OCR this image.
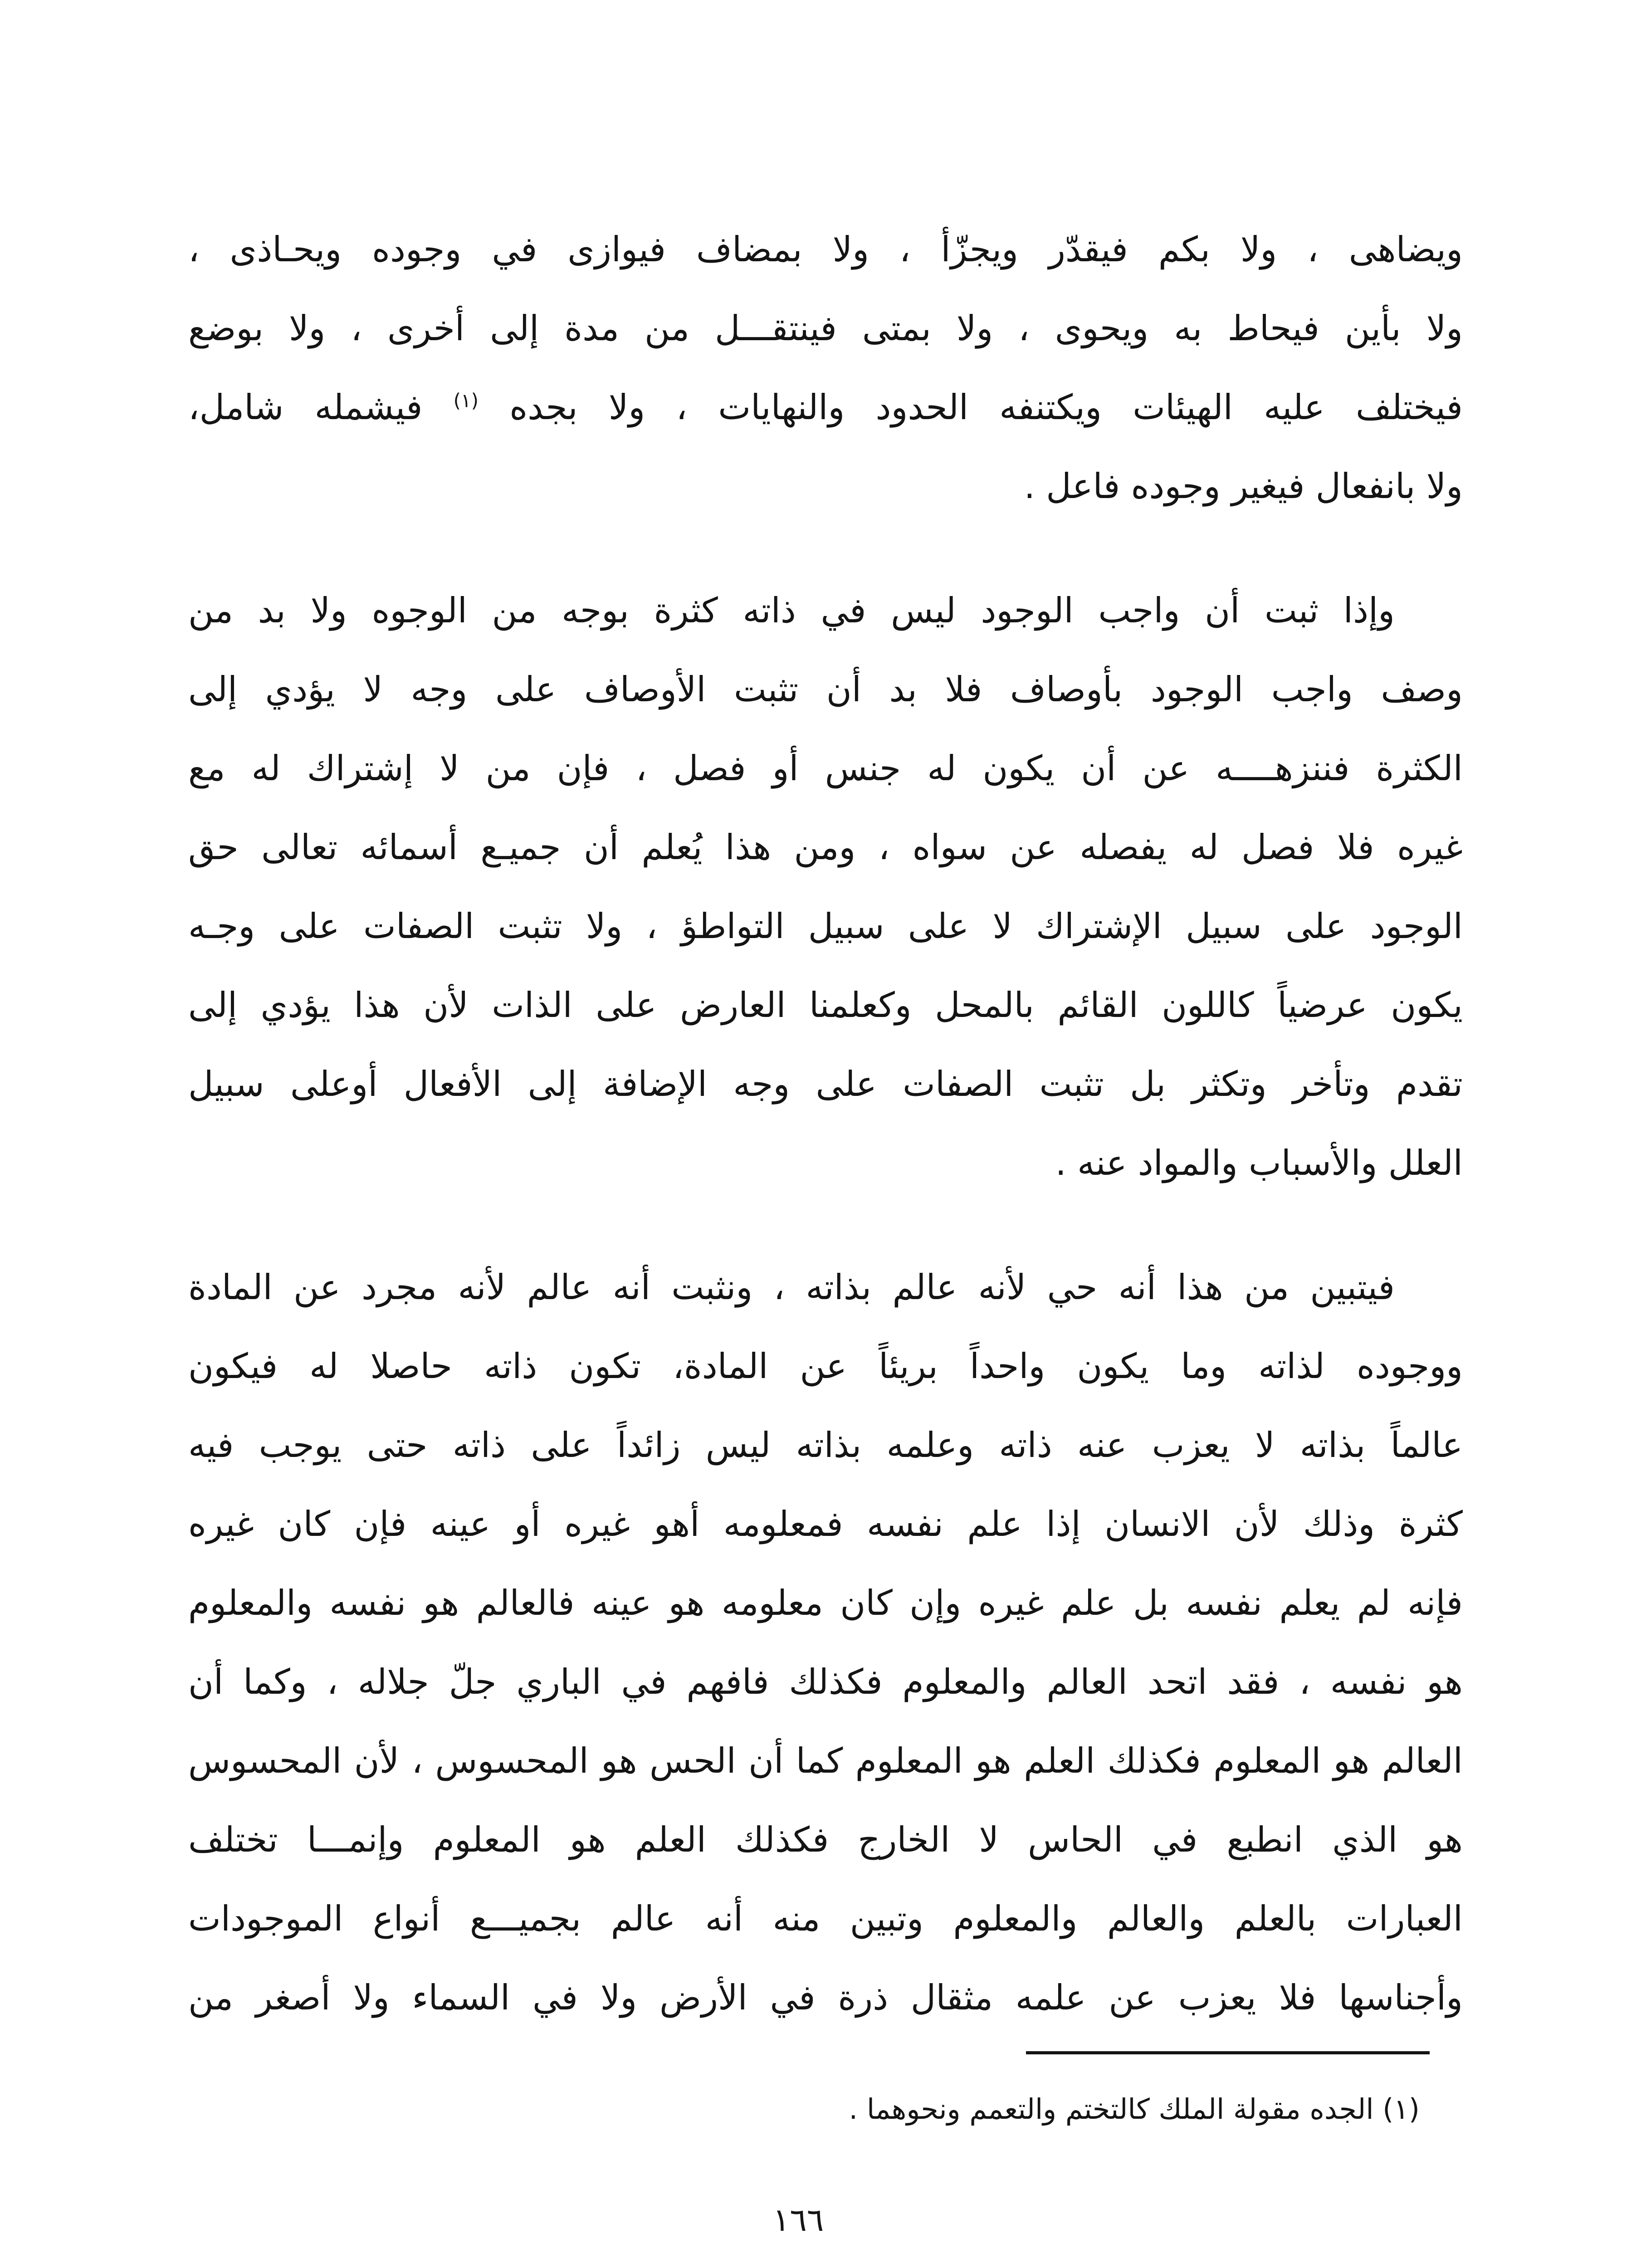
ويضاهى ، ولا بكم فيقدّر ويجزّأ ، ولا بمضاف فيوازى في وجوده ويحـاذى ،
ولا بأين فيحاط به ويحوى ، ولا بمتى فينتقـــل من مدة إلى أخرى ، ولا بوضع
فيختلف عليه الهيئات ويكتنفه الحدود والنهايات ، ولا بجده $^{(١)}$ فيشمله شامل،
ولا بانفعال فيغير وجوده فاعل .
وإذا ثبت أن واجب الوجود ليس في ذاته كثرة بوجه من الوجوه ولا بد من
وصف واجب الوجود بأوصاف فلا بد أن تثبت الأوصاف على وجه لا يؤدي إلى
الكثرة فننزهــــه عن أن يكون له جنس أو فصل ، فإن من لا إشتراك له مع
غيره فلا فصل له يفصله عن سواه ، ومن هذا يُعلم أن جميـع أسمائه تعالى حق
الوجود على سبيل الإشتراك لا على سبيل التواطؤ ، ولا تثبت الصفات على وجـه
يكون عرضياً كاللون القائم بالمحل وكعلمنا العارض على الذات لأن هذا يؤدي إلى
تقدم وتأخر وتكثر بل تثبت الصفات على وجه الإضافة إلى الأفعال أوعلى سبيل
العلل والأسباب والمواد عنه .
فيتبين من هذا أنه حي لأنه عالم بذاته ، ونثبت أنه عالم لأنه مجرد عن المادة
ووجوده لذاته وما يكون واحداً بريئاً عن المادة، تكون ذاته حاصلا له فيكون
عالماً بذاته لا يعزب عنه ذاته وعلمه بذاته ليس زائداً على ذاته حتى يوجب فيه
كثرة وذلك لأن الانسان إذا علم نفسه فمعلومه أهو غيره أو عينه فإن كان غيره
فإنه لم يعلم نفسه بل علم غيره وإن كان معلومه هو عينه فالعالم هو نفسه والمعلوم
هو نفسه ، فقد اتحد العالم والمعلوم فكذلك فافهم في الباري جلّ جلاله ، وكما أن
العالم هو المعلوم فكذلك العلم هو المعلوم كما أن الحس هو المحسوس ، لأن المحسوس
هو الذي انطبع في الحاس لا الخارج فكذلك العلم هو المعلوم وإنمـــا تختلف
العبارات بالعلم والعالم والمعلوم وتبين منه أنه عالم بجميـــع أنواع الموجودات
وأجناسها فلا يعزب عن علمه مثقال ذرة في الأرض ولا في السماء ولا أصغر من
(١) الجده مقولة الملك كالتختم والتعمم ونحوهما .
١٦٦
